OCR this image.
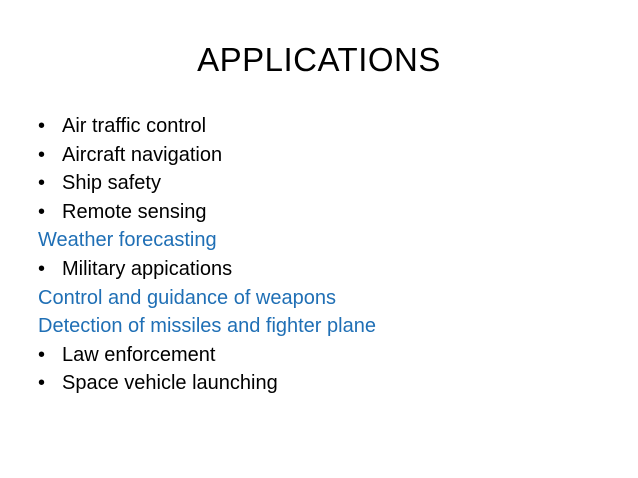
APPLICATIONS
• Air traffic control
• Aircraft navigation
• Ship safety
• Remote sensing
Weather forecasting
• Military appications
Control and guidance of weapons
Detection of missiles and fighter plane
• Law enforcement
• Space vehicle launching
